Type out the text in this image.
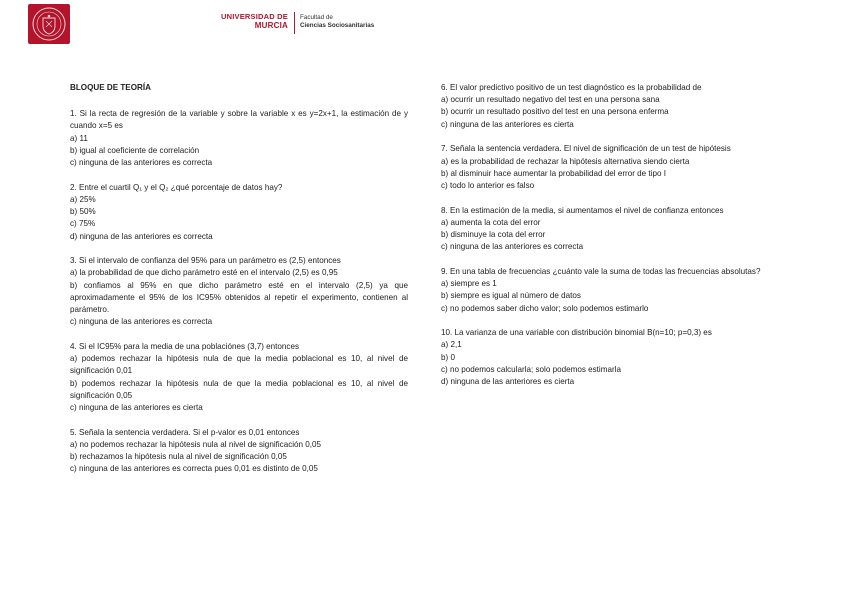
UNIVERSIDAD DE
MURCIA
Facultad de
Ciencias Sociosanitarias
BLOQUE DE TEORÍA
1. Si la recta de regresión de la variable y sobre la variable x es y=2x+1, la estimación de y cuando x=5 es
a) 11
b) igual al coeficiente de correlación
c) ninguna de las anteriores es correcta
2. Entre el cuartil Q₁ y el Q₂ ¿qué porcentaje de datos hay?
a) 25%
b) 50%
c) 75%
d) ninguna de las anteriores es correcta
3. Si el intervalo de confianza del 95% para un parámetro es (2,5) entonces
a) la probabilidad de que dicho parámetro esté en el intervalo (2,5) es 0,95
b) confiamos al 95% en que dicho parámetro esté en el intervalo (2,5) ya que aproximadamente el 95% de los IC95% obtenidos al repetir el experimento, contienen al parámetro.
c) ninguna de las anteriores es correcta
4. Si el IC95% para la media de una poblaciónes (3,7) entonces
a) podemos rechazar la hipótesis nula de que la media poblacional es 10, al nivel de significación 0,01
b) podemos rechazar la hipótesis nula de que la media poblacional es 10, al nivel de significación 0,05
c) ninguna de las anteriores es cierta
5. Señala la sentencia verdadera. Si el p-valor es 0,01 entonces
a) no podemos rechazar la hipótesis nula al nivel de significación 0,05
b) rechazamos la hipótesis nula al nivel de significación 0,05
c) ninguna de las anteriores es correcta pues 0,01 es distinto de 0,05
6. El valor predictivo positivo de un test diagnóstico es la probabilidad de
a) ocurrir un resultado negativo del test en una persona sana
b) ocurrir un resultado positivo del test en una persona enferma
c) ninguna de las anteriores es cierta
7. Señala la sentencia verdadera. El nivel de significación de un test de hipótesis
a) es la probabilidad de rechazar la hipótesis alternativa siendo cierta
b) al disminuir hace aumentar la probabilidad del error de tipo I
c) todo lo anterior es falso
8. En la estimación de la media, si aumentamos el nivel de confianza entonces
a) aumenta la cota del error
b) disminuye la cota del error
c) ninguna de las anteriores es correcta
9. En una tabla de frecuencias ¿cuánto vale la suma de todas las frecuencias absolutas?
a) siempre es 1
b) siempre es igual al número de datos
c) no podemos saber dicho valor; solo podemos estimarlo
10. La varianza de una variable con distribución binomial B(n=10; p=0,3) es
a) 2,1
b) 0
c) no podemos calcularla; solo podemos estimarla
d) ninguna de las anteriores es cierta
